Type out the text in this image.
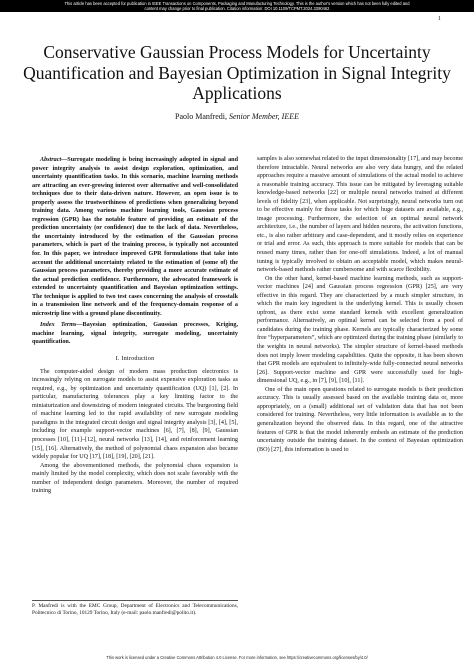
This article has been accepted for publication in IEEE Transactions on Components, Packaging and Manufacturing Technology. This is the author's version which has not been fully edited and
content may change prior to final publication. Citation information: DOI 10.1109/TCPMT.2024.3390462
1
Conservative Gaussian Process Models for Uncertainty Quantification and Bayesian Optimization in Signal Integrity Applications
Paolo Manfredi, Senior Member, IEEE

Abstract—Surrogate modeling is being increasingly adopted in signal and power integrity analysis to assist design exploration, optimization, and uncertainty quantification tasks. In this scenario, machine learning methods are attracting an ever-growing interest over alternative and well-consolidated techniques due to their data-driven nature. However, an open issue is to properly assess the trustworthiness of predictions when generalizing beyond training data. Among various machine learning tools, Gaussian process regression (GPR) has the notable feature of providing an estimate of the prediction uncertainty (or confidence) due to the lack of data. Nevertheless, the uncertainty introduced by the estimation of the Gaussian process parameters, which is part of the training process, is typically not accounted for. In this paper, we introduce improved GPR formulations that take into account the additional uncertainty related to the estimation of (some of) the Gaussian process parameters, thereby providing a more accurate estimate of the actual prediction confidence. Furthermore, the advocated framework is extended to uncertainty quantification and Bayesian optimization settings. The technique is applied to two test cases concerning the analysis of crosstalk in a transmission line network and of the frequency-domain response of a microstrip line with a ground plane discontinuity.

Index Terms—Bayesian optimization, Gaussian processes, Kriging, machine learning, signal integrity, surrogate modeling, uncertainty quantification.

I. Introduction

The computer-aided design of modern mass production electronics is increasingly relying on surrogate models to assist expensive exploration tasks as required, e.g., by optimization and uncertainty quantification (UQ) [1], [2]. In particular, manufacturing tolerances play a key limiting factor to the miniaturization and downsizing of modern integrated circuits. The burgeoning field of machine learning led to the rapid availability of new surrogate modeling paradigms in the integrated circuit design and signal integrity analysis [3], [4], [5], including for example support-vector machines [6], [7], [8], [9], Gaussian processes [10], [11]–[12], neural networks [13], [14], and reinforcement learning [15], [16]. Alternatively, the method of polynomial chaos expansion also became widely popular for UQ [17], [18], [19], [20], [21].

Among the abovementioned methods, the polynomial chaos expansion is mainly limited by the model complexity, which does not scale favorably with the number of independent design parameters. Moreover, the number of required training

samples is also somewhat related to the input dimensionality [17], and may become therefore intractable. Neural networks are also very data hungry, and the related approaches require a massive amount of simulations of the actual model to achieve a reasonable training accuracy. This issue can be mitigated by leveraging suitable knowledge-based networks [22] or multiple neural networks trained at different levels of fidelity [23], when applicable. Not surprisingly, neural networks turn out to be effective mainly for those tasks for which huge datasets are available, e.g., image processing. Furthermore, the selection of an optimal neural network architecture, i.e., the number of layers and hidden neurons, the activation functions, etc., is also rather arbitrary and case-dependent, and it mostly relies on experience or trial and error. As such, this approach is more suitable for models that can be reused many times, rather than for one-off simulations. Indeed, a lot of manual tuning is typically involved to obtain an acceptable model, which makes neural-network-based methods rather cumbersome and with scarce flexibility.

On the other hand, kernel-based machine learning methods, such as support-vector machines [24] and Gaussian process regression (GPR) [25], are very effective in this regard. They are characterized by a much simpler structure, in which the main key ingredient is the underlying kernel. This is usually chosen upfront, as there exist some standard kernels with excellent generalization performance. Alternatively, an optimal kernel can be selected from a pool of candidates during the training phase. Kernels are typically characterized by some free “hyperparameters”, which are optimized during the training phase (similarly to the weights in neural networks). The simpler structure of kernel-based methods does not imply lower modeling capabilities. Quite the opposite, it has been shown that GPR models are equivalent to infinitely-wide fully-connected neural networks [26]. Support-vector machine and GPR were successfully used for high-dimensional UQ, e.g., in [7], [9], [10], [11].

One of the main open questions related to surrogate models is their prediction accuracy. This is usually assessed based on the available training data or, more appropriately, on a (small) additional set of validation data that has not been considered for training. Nevertheless, very little information is available as to the generalization beyond the observed data. In this regard, one of the attractive features of GPR is that the model inherently embeds an estimate of the prediction uncertainty outside the training dataset. In the context of Bayesian optimization (BO) [27], this information is used to

P. Manfredi is with the EMC Group, Department of Electronics and Telecommunications, Politecnico di Torino, 10129 Torino, Italy (e-mail: paolo.manfredi@polito.it).
This work is licensed under a Creative Commons Attribution 4.0 License. For more information, see https://creativecommons.org/licenses/by/4.0/
